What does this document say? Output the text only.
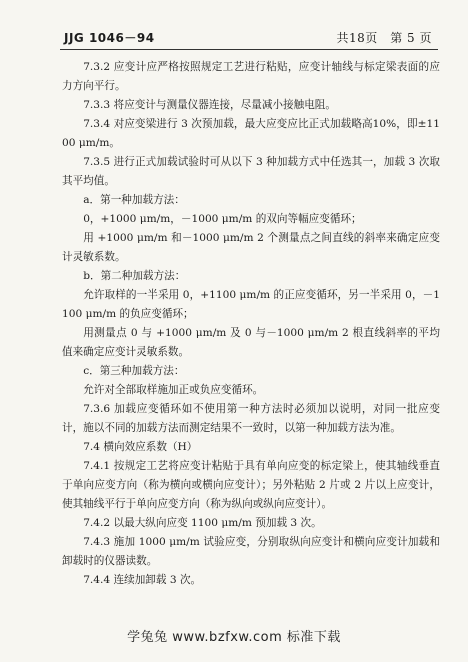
JJG 1046－94	共18页　第 5 页

7.3.2 应变计应严格按照规定工艺进行粘贴，应变计轴线与标定梁表面的应力方向平行。

7.3.3 将应变计与测量仪器连接，尽量减小接触电阻。

7.3.4 对应变梁进行 3 次预加载，最大应变应比正式加载略高10%，即±1100 μm/m。

7.3.5 进行正式加载试验时可从以下 3 种加载方式中任选其一，加载 3 次取其平均值。

a．第一种加载方法：

0，+1000 μm/m，－1000 μm/m 的双向等幅应变循环；

用 +1000 μm/m 和－1000 μm/m 2 个测量点之间直线的斜率来确定应变计灵敏系数。

b．第二种加载方法：

允许取样的一半采用 0，+1100 μm/m 的正应变循环，另一半采用 0，－1100 μm/m 的负应变循环；

用测量点 0 与 +1000 μm/m 及 0 与－1000 μm/m 2 根直线斜率的平均值来确定应变计灵敏系数。

c．第三种加载方法：

允许对全部取样施加正或负应变循环。

7.3.6 加载应变循环如不使用第一种方法时必须加以说明，对同一批应变计，施以不同的加载方法而测定结果不一致时，以第一种加载方法为准。

7.4 横向效应系数（H）

7.4.1 按规定工艺将应变计粘贴于具有单向应变的标定梁上，使其轴线垂直于单向应变方向（称为横向或横向应变计）；另外粘贴 2 片或 2 片以上应变计，使其轴线平行于单向应变方向（称为纵向或纵向应变计）。

7.4.2 以最大纵向应变 1100 μm/m 预加载 3 次。

7.4.3 施加 1000 μm/m 试验应变，分别取纵向应变计和横向应变计加载和卸载时的仪器读数。

7.4.4 连续加卸载 3 次。

学兔兔 www.bzfxw.com 标准下载
